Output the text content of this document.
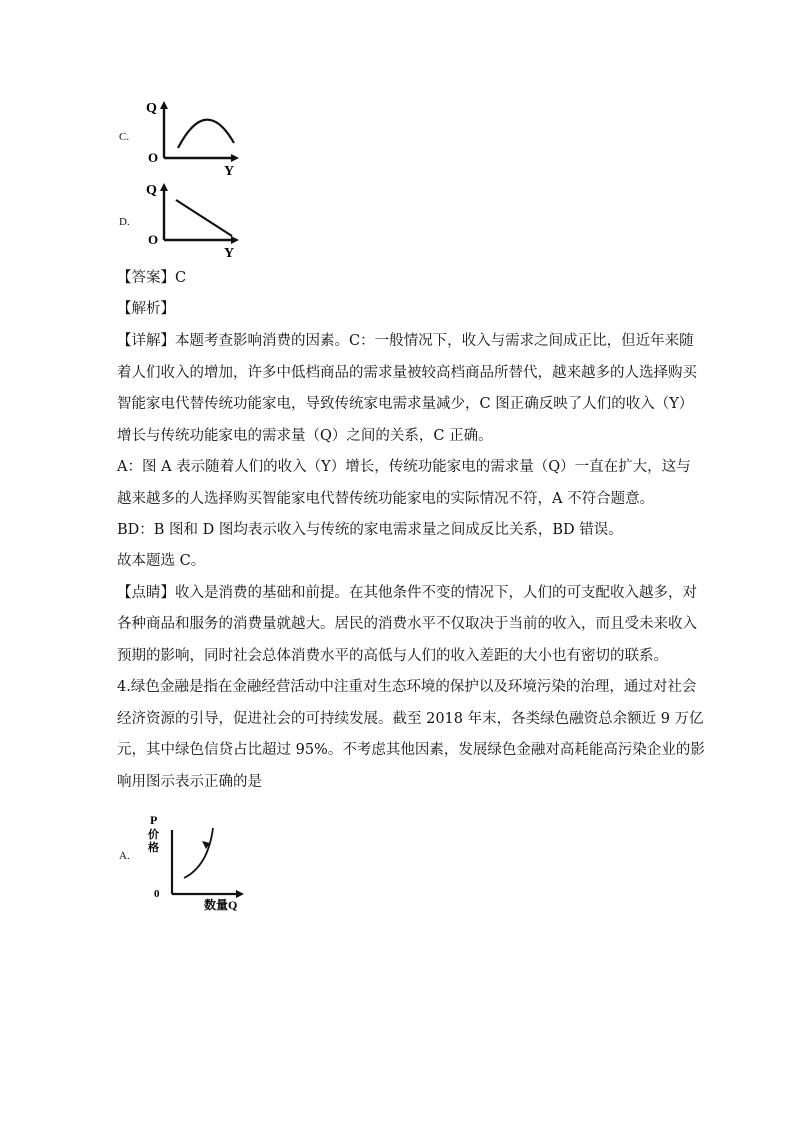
C.
Q
O
Y
D.
Q
O
Y
【答案】C
【解析】
【详解】本题考查影响消费的因素。C：一般情况下，收入与需求之间成正比，但近年来随
着人们收入的增加，许多中低档商品的需求量被较高档商品所替代，越来越多的人选择购买
智能家电代替传统功能家电，导致传统家电需求量减少，C 图正确反映了人们的收入（Y）
增长与传统功能家电的需求量（Q）之间的关系，C 正确。
A：图 A 表示随着人们的收入（Y）增长，传统功能家电的需求量（Q）一直在扩大，这与
越来越多的人选择购买智能家电代替传统功能家电的实际情况不符，A 不符合题意。
BD：B 图和 D 图均表示收入与传统的家电需求量之间成反比关系，BD 错误。
故本题选 C。
【点睛】收入是消费的基础和前提。在其他条件不变的情况下，人们的可支配收入越多，对
各种商品和服务的消费量就越大。居民的消费水平不仅取决于当前的收入，而且受未来收入
预期的影响，同时社会总体消费水平的高低与人们的收入差距的大小也有密切的联系。
4.绿色金融是指在金融经营活动中注重对生态环境的保护以及环境污染的治理，通过对社会
经济资源的引导，促进社会的可持续发展。截至 2018 年末，各类绿色融资总余额近 9 万亿
元，其中绿色信贷占比超过 95%。不考虑其他因素，发展绿色金融对高耗能高污染企业的影
响用图示表示正确的是
A.
P
价
格
0
数量Q
